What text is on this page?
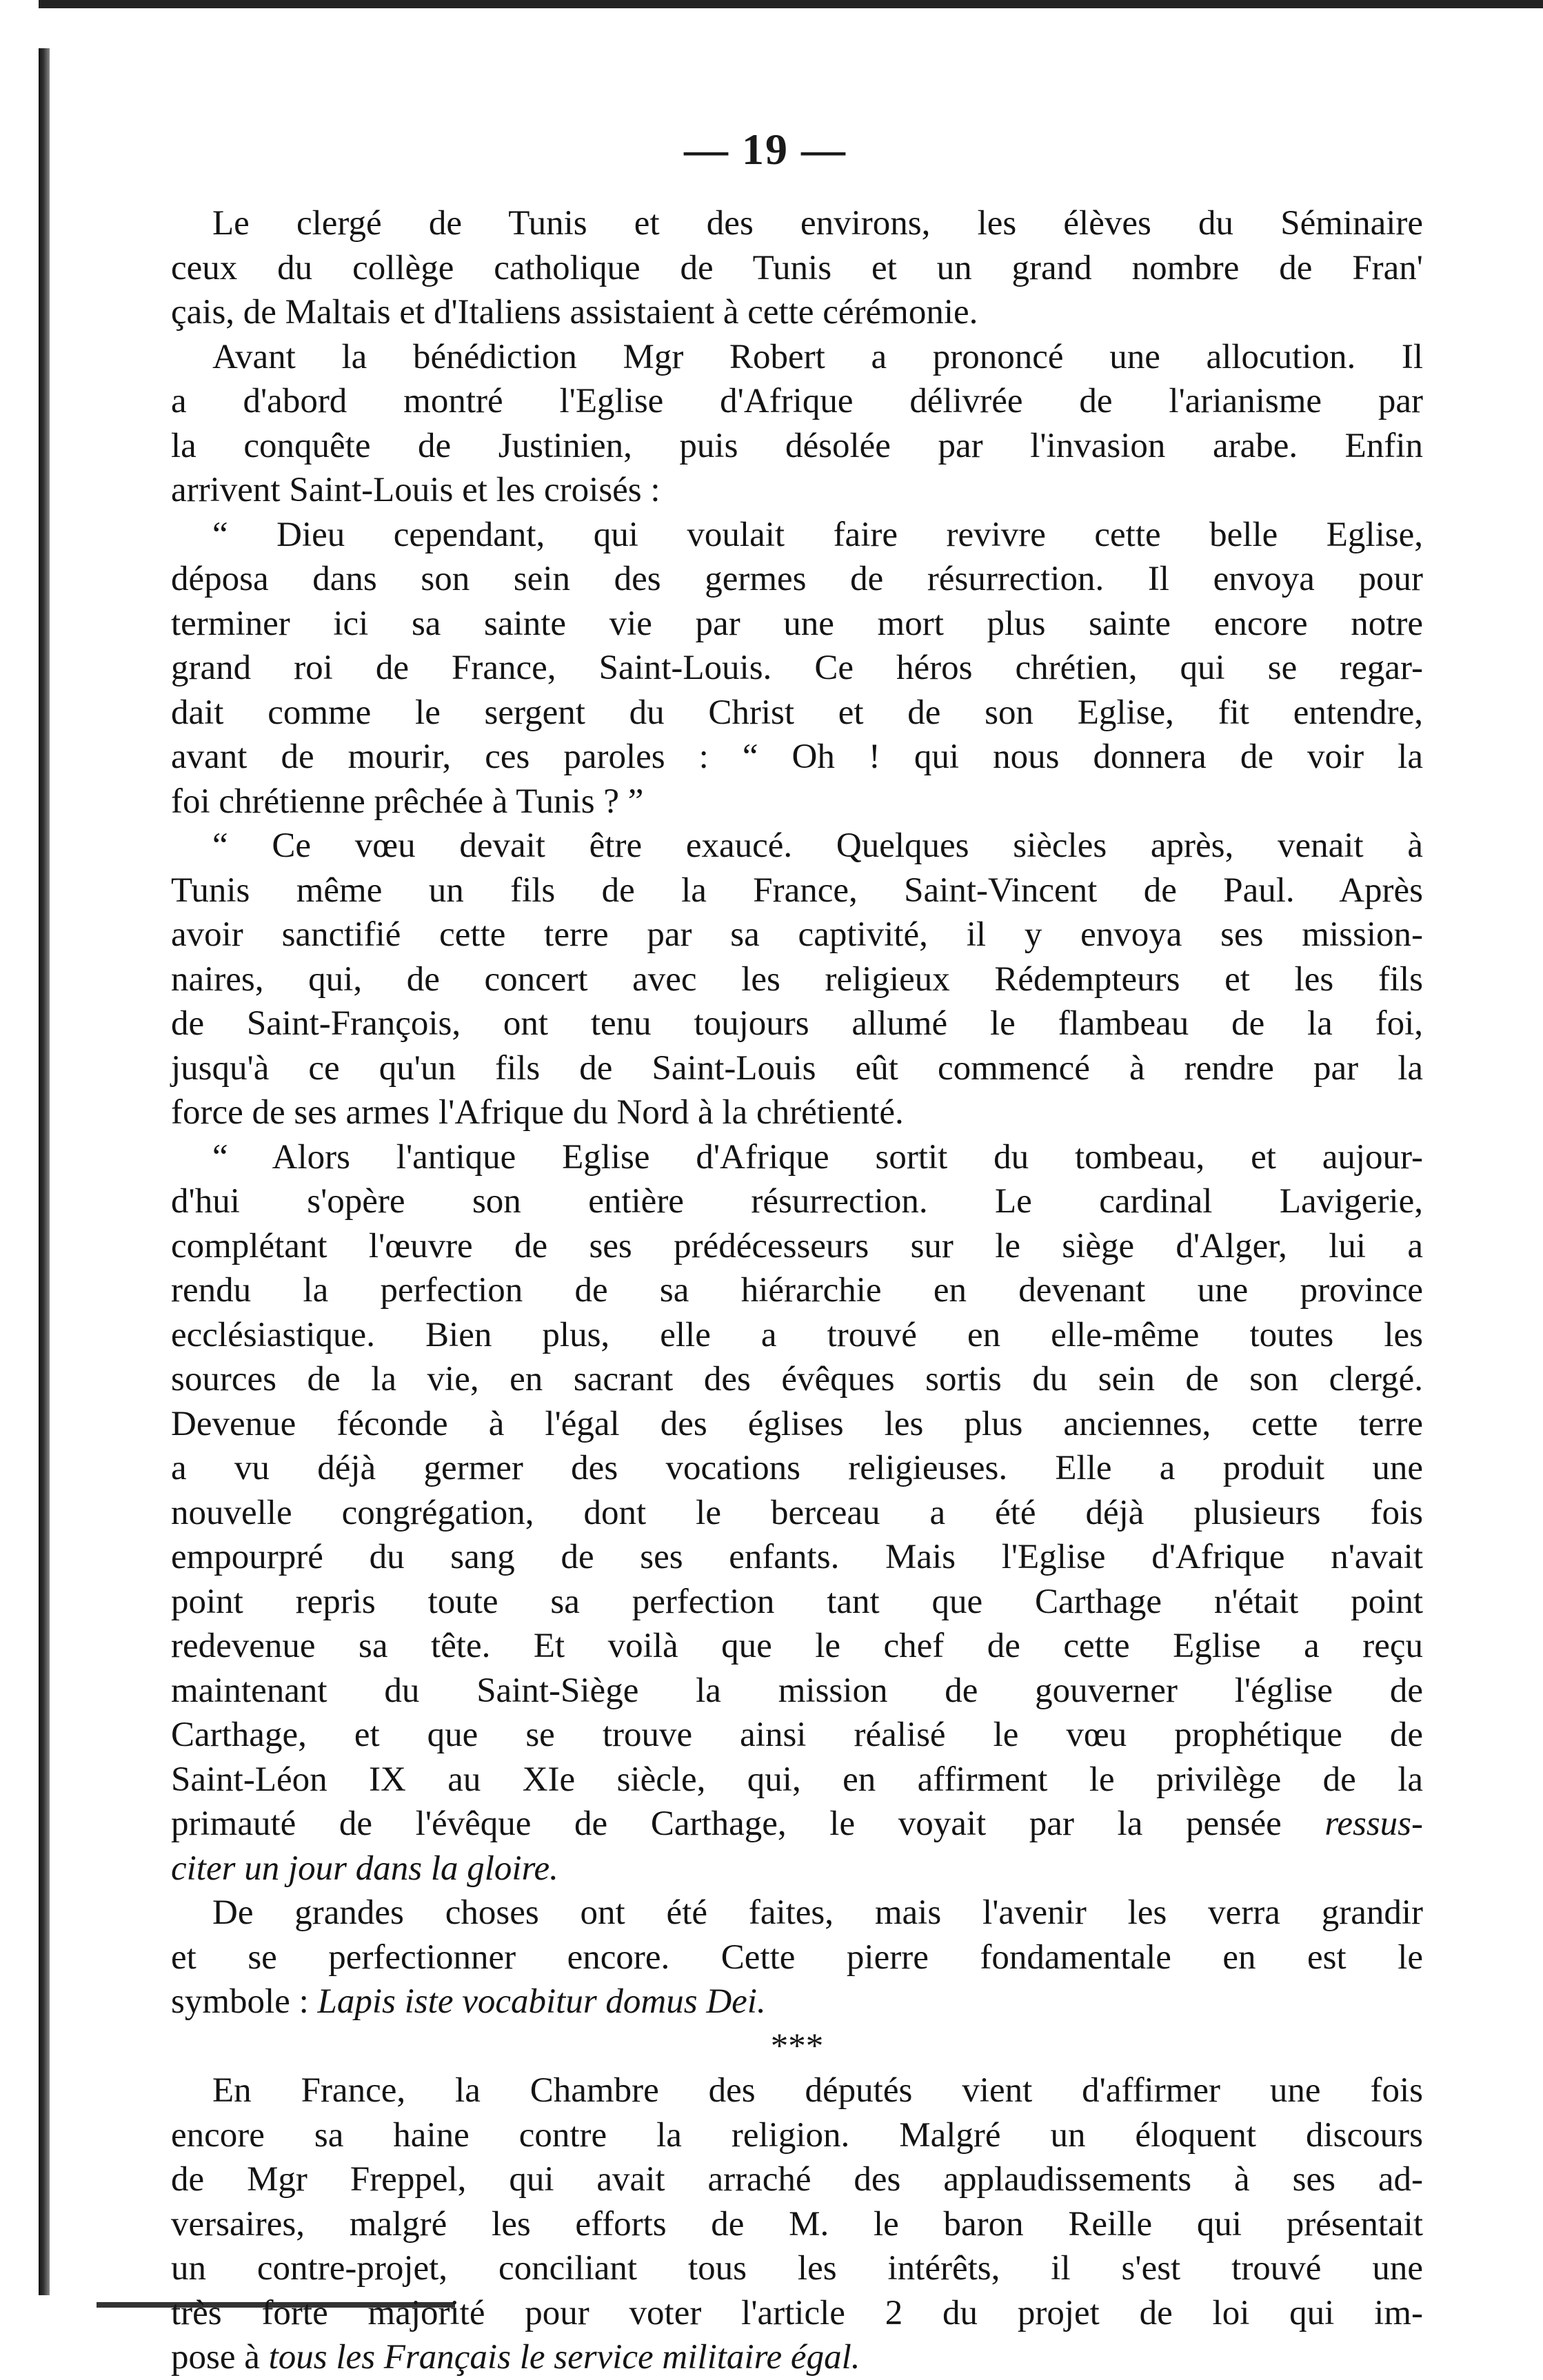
— 19 —
Le clergé de Tunis et des environs, les élèves du Séminaire
ceux du collège catholique de Tunis et un grand nombre de Fran'
çais, de Maltais et d'Italiens assistaient à cette cérémonie.
Avant la bénédiction Mgr Robert a prononcé une allocution. Il
a d'abord montré l'Eglise d'Afrique délivrée de l'arianisme par
la conquête de Justinien, puis désolée par l'invasion arabe. Enfin
arrivent Saint-Louis et les croisés :
“ Dieu cependant, qui voulait faire revivre cette belle Eglise,
déposa dans son sein des germes de résurrection. Il envoya pour
terminer ici sa sainte vie par une mort plus sainte encore notre
grand roi de France, Saint-Louis. Ce héros chrétien, qui se regar-
dait comme le sergent du Christ et de son Eglise, fit entendre,
avant de mourir, ces paroles : “ Oh ! qui nous donnera de voir la
foi chrétienne prêchée à Tunis ? ”
“ Ce vœu devait être exaucé. Quelques siècles après, venait à
Tunis même un fils de la France, Saint-Vincent de Paul. Après
avoir sanctifié cette terre par sa captivité, il y envoya ses mission-
naires, qui, de concert avec les religieux Rédempteurs et les fils
de Saint-François, ont tenu toujours allumé le flambeau de la foi,
jusqu'à ce qu'un fils de Saint-Louis eût commencé à rendre par la
force de ses armes l'Afrique du Nord à la chrétienté.
“ Alors l'antique Eglise d'Afrique sortit du tombeau, et aujour-
d'hui s'opère son entière résurrection. Le cardinal Lavigerie,
complétant l'œuvre de ses prédécesseurs sur le siège d'Alger, lui a
rendu la perfection de sa hiérarchie en devenant une province
ecclésiastique. Bien plus, elle a trouvé en elle-même toutes les
sources de la vie, en sacrant des évêques sortis du sein de son clergé.
Devenue féconde à l'égal des églises les plus anciennes, cette terre
a vu déjà germer des vocations religieuses. Elle a produit une
nouvelle congrégation, dont le berceau a été déjà plusieurs fois
empourpré du sang de ses enfants. Mais l'Eglise d'Afrique n'avait
point repris toute sa perfection tant que Carthage n'était point
redevenue sa tête. Et voilà que le chef de cette Eglise a reçu
maintenant du Saint-Siège la mission de gouverner l'église de
Carthage, et que se trouve ainsi réalisé le vœu prophétique de
Saint-Léon IX au XIe siècle, qui, en affirment le privilège de la
primauté de l'évêque de Carthage, le voyait par la pensée ressus-
citer un jour dans la gloire.
De grandes choses ont été faites, mais l'avenir les verra grandir
et se perfectionner encore. Cette pierre fondamentale en est le
symbole : Lapis iste vocabitur domus Dei.
***
En France, la Chambre des députés vient d'affirmer une fois
encore sa haine contre la religion. Malgré un éloquent discours
de Mgr Freppel, qui avait arraché des applaudissements à ses ad-
versaires, malgré les efforts de M. le baron Reille qui présentait
un contre-projet, conciliant tous les intérêts, il s'est trouvé une
très forte majorité pour voter l'article 2 du projet de loi qui im-
pose à tous les Français le service militaire égal.
